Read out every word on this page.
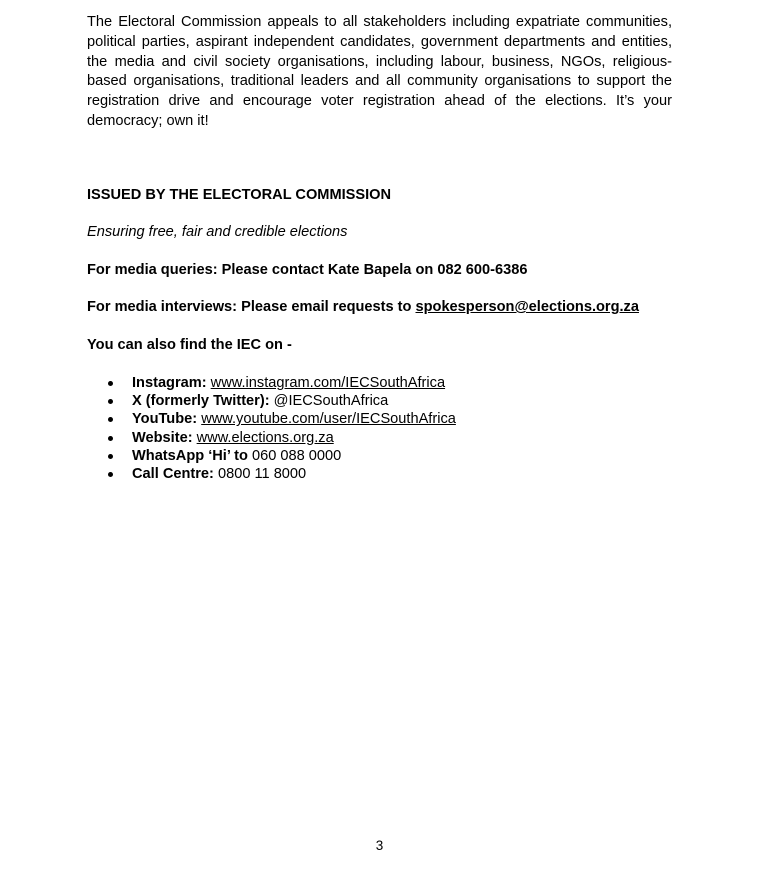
The Electoral Commission appeals to all stakeholders including expatriate communities, political parties, aspirant independent candidates, government departments and entities, the media and civil society organisations, including labour, business, NGOs, religious-based organisations, traditional leaders and all community organisations to support the registration drive and encourage voter registration ahead of the elections. It’s your democracy; own it!

ISSUED BY THE ELECTORAL COMMISSION

Ensuring free, fair and credible elections

For media queries: Please contact Kate Bapela on 082 600-6386

For media interviews: Please email requests to spokesperson@elections.org.za

You can also find the IEC on -

Instagram: www.instagram.com/IECSouthAfrica
X (formerly Twitter): @IECSouthAfrica
YouTube: www.youtube.com/user/IECSouthAfrica
Website: www.elections.org.za
WhatsApp ‘Hi’ to 060 088 0000
Call Centre: 0800 11 8000
3
